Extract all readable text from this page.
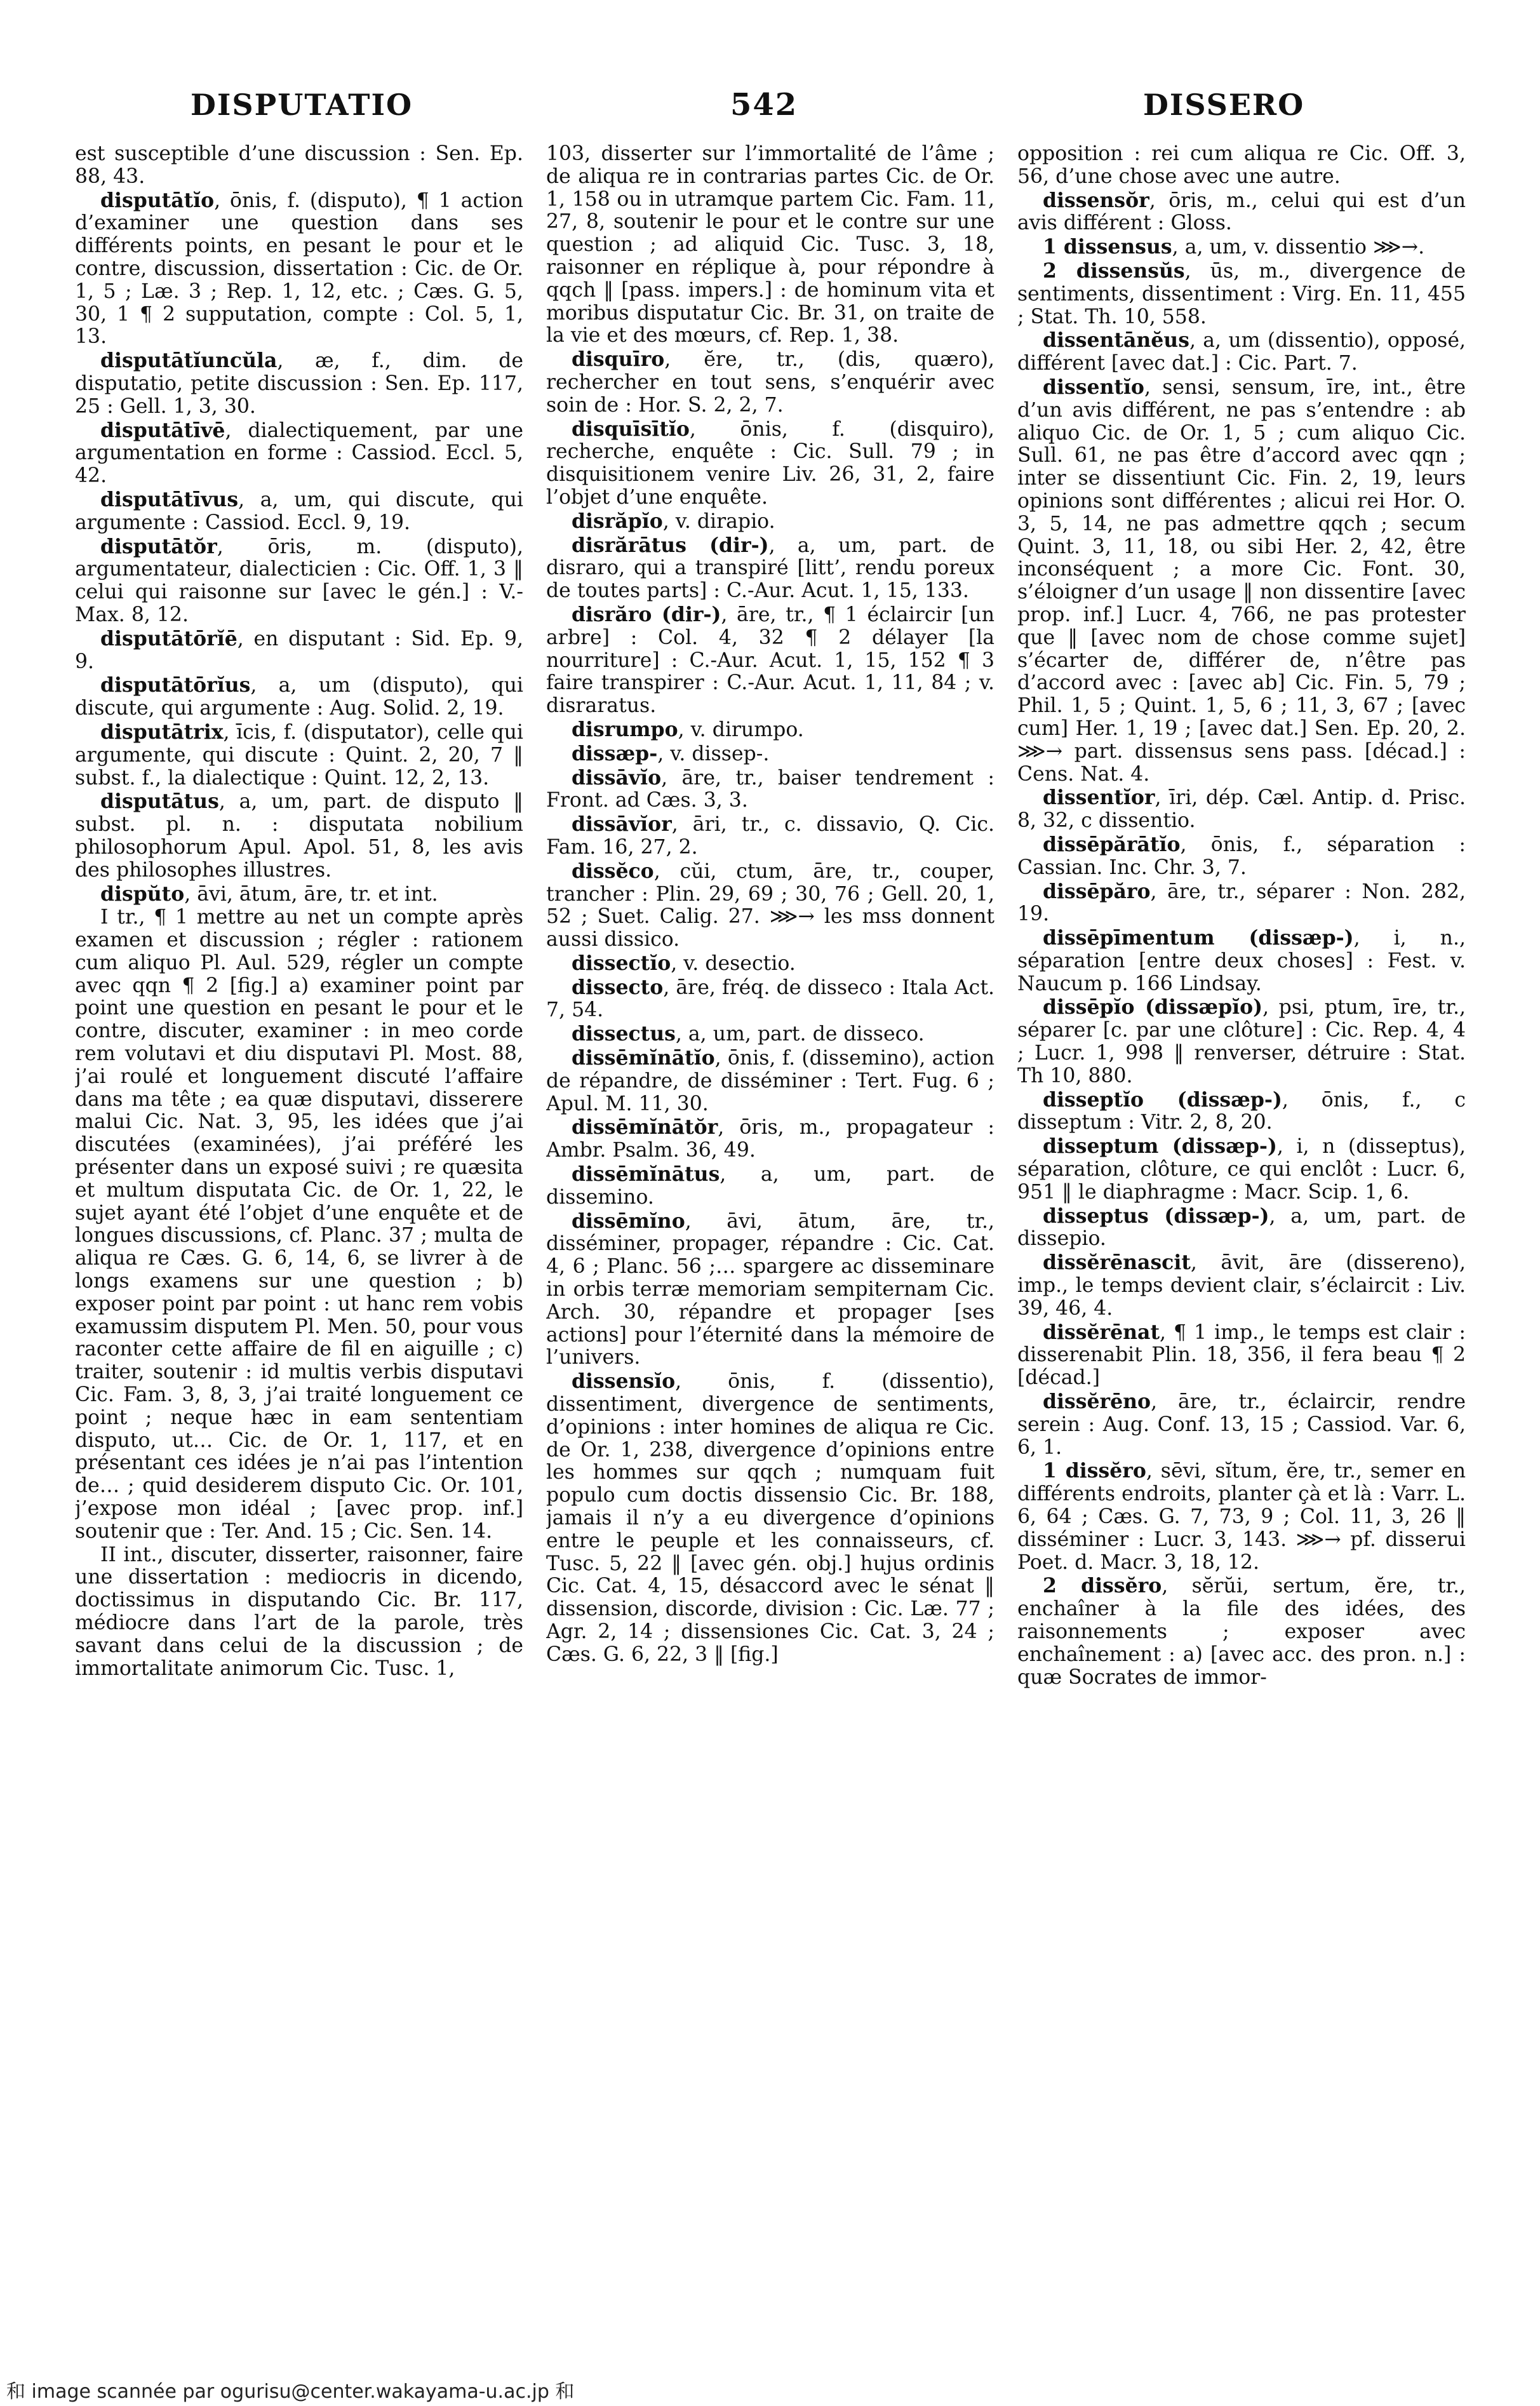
DISPUTATIO	542	DISSERO

est susceptible d’une discussion : Sen. Ep. 88, 43.

disputātĭo, ōnis, f. (disputo), ¶ 1 action d’examiner une question dans ses différents points, en pesant le pour et le contre, discussion, dissertation : Cic. de Or. 1, 5 ; Læ. 3 ; Rep. 1, 12, etc. ; Cæs. G. 5, 30, 1 ¶ 2 supputation, compte : Col. 5, 1, 13.

disputātĭuncŭla, æ, f., dim. de disputatio, petite discussion : Sen. Ep. 117, 25 : Gell. 1, 3, 30.

disputātīvē, dialectiquement, par une argumentation en forme : Cassiod. Eccl. 5, 42.

disputātīvus, a, um, qui discute, qui argumente : Cassiod. Eccl. 9, 19.

disputātŏr, ōris, m. (disputo), argumentateur, dialecticien : Cic. Off. 1, 3 ‖ celui qui raisonne sur [avec le gén.] : V.-Max. 8, 12.

disputātōrĭē, en disputant : Sid. Ep. 9, 9.

disputātōrĭus, a, um (disputo), qui discute, qui argumente : Aug. Solid. 2, 19.

disputātrix, īcis, f. (disputator), celle qui argumente, qui discute : Quint. 2, 20, 7 ‖ subst. f., la dialectique : Quint. 12, 2, 13.

disputātus, a, um, part. de disputo ‖ subst. pl. n. : disputata nobilium philosophorum Apul. Apol. 51, 8, les avis des philosophes illustres.

dispŭto, āvi, ātum, āre, tr. et int.

I tr., ¶ 1 mettre au net un compte après examen et discussion ; régler : rationem cum aliquo Pl. Aul. 529, régler un compte avec qqn ¶ 2 [fig.] a) examiner point par point une question en pesant le pour et le contre, discuter, examiner : in meo corde rem volutavi et diu disputavi Pl. Most. 88, j’ai roulé et longuement discuté l’affaire dans ma tête ; ea quæ disputavi, disserere malui Cic. Nat. 3, 95, les idées que j’ai discutées (examinées), j’ai préféré les présenter dans un exposé suivi ; re quæsita et multum disputata Cic. de Or. 1, 22, le sujet ayant été l’objet d’une enquête et de longues discussions, cf. Planc. 37 ; multa de aliqua re Cæs. G. 6, 14, 6, se livrer à de longs examens sur une question ; b) exposer point par point : ut hanc rem vobis examussim disputem Pl. Men. 50, pour vous raconter cette affaire de fil en aiguille ; c) traiter, soutenir : id multis verbis disputavi Cic. Fam. 3, 8, 3, j’ai traité longuement ce point ; neque hæc in eam sententiam disputo, ut… Cic. de Or. 1, 117, et en présentant ces idées je n’ai pas l’intention de… ; quid desiderem disputo Cic. Or. 101, j’expose mon idéal ; [avec prop. inf.] soutenir que : Ter. And. 15 ; Cic. Sen. 14.

II int., discuter, disserter, raisonner, faire une dissertation : mediocris in dicendo, doctissimus in disputando Cic. Br. 117, médiocre dans l’art de la parole, très savant dans celui de la discussion ; de immortalitate animorum Cic. Tusc. 1,

103, disserter sur l’immortalité de l’âme ; de aliqua re in contrarias partes Cic. de Or. 1, 158 ou in utramque partem Cic. Fam. 11, 27, 8, soutenir le pour et le contre sur une question ; ad aliquid Cic. Tusc. 3, 18, raisonner en réplique à, pour répondre à qqch ‖ [pass. impers.] : de hominum vita et moribus disputatur Cic. Br. 31, on traite de la vie et des mœurs, cf. Rep. 1, 38.

disquīro, ĕre, tr., (dis, quæro), rechercher en tout sens, s’enquérir avec soin de : Hor. S. 2, 2, 7.

disquīsītĭo, ōnis, f. (disquiro), recherche, enquête : Cic. Sull. 79 ; in disquisitionem venire Liv. 26, 31, 2, faire l’objet d’une enquête.

disrăpĭo, v. dirapio.

disrărātus (dir-), a, um, part. de disraro, qui a transpiré [litt’, rendu poreux de toutes parts] : C.-Aur. Acut. 1, 15, 133.

disrăro (dir-), āre, tr., ¶ 1 éclaircir [un arbre] : Col. 4, 32 ¶ 2 délayer [la nourriture] : C.-Aur. Acut. 1, 15, 152 ¶ 3 faire transpirer : C.-Aur. Acut. 1, 11, 84 ; v. disraratus.

disrumpo, v. dirumpo.

dissæp-, v. dissep-.

dissāvĭo, āre, tr., baiser tendrement : Front. ad Cæs. 3, 3.

dissāvĭor, āri, tr., c. dissavio, Q. Cic. Fam. 16, 27, 2.

dissĕco, cŭi, ctum, āre, tr., couper, trancher : Plin. 29, 69 ; 30, 76 ; Gell. 20, 1, 52 ; Suet. Calig. 27. ⋙→ les mss donnent aussi dissico.

dissectĭo, v. desectio.

dissecto, āre, fréq. de disseco : Itala Act. 7, 54.

dissectus, a, um, part. de disseco.

dissēmĭnātĭo, ōnis, f. (dissemino), action de répandre, de disséminer : Tert. Fug. 6 ; Apul. M. 11, 30.

dissēmĭnātŏr, ōris, m., propagateur : Ambr. Psalm. 36, 49.

dissēmĭnātus, a, um, part. de dissemino.

dissēmĭno, āvi, ātum, āre, tr., disséminer, propager, répandre : Cic. Cat. 4, 6 ; Planc. 56 ;… spargere ac disseminare in orbis terræ memoriam sempiternam Cic. Arch. 30, répandre et propager [ses actions] pour l’éternité dans la mémoire de l’univers.

dissensĭo, ōnis, f. (dissentio), dissentiment, divergence de sentiments, d’opinions : inter homines de aliqua re Cic. de Or. 1, 238, divergence d’opinions entre les hommes sur qqch ; numquam fuit populo cum doctis dissensio Cic. Br. 188, jamais il n’y a eu divergence d’opinions entre le peuple et les connaisseurs, cf. Tusc. 5, 22 ‖ [avec gén. obj.] hujus ordinis Cic. Cat. 4, 15, désaccord avec le sénat ‖ dissension, discorde, division : Cic. Læ. 77 ; Agr. 2, 14 ; dissensiones Cic. Cat. 3, 24 ; Cæs. G. 6, 22, 3 ‖ [fig.]

opposition : rei cum aliqua re Cic. Off. 3, 56, d’une chose avec une autre.

dissensŏr, ōris, m., celui qui est d’un avis différent : Gloss.

1 dissensus, a, um, v. dissentio ⋙→.

2 dissensŭs, ūs, m., divergence de sentiments, dissentiment : Virg. En. 11, 455 ; Stat. Th. 10, 558.

dissentānĕus, a, um (dissentio), opposé, différent [avec dat.] : Cic. Part. 7.

dissentĭo, sensi, sensum, īre, int., être d’un avis différent, ne pas s’entendre : ab aliquo Cic. de Or. 1, 5 ; cum aliquo Cic. Sull. 61, ne pas être d’accord avec qqn ; inter se dissentiunt Cic. Fin. 2, 19, leurs opinions sont différentes ; alicui rei Hor. O. 3, 5, 14, ne pas admettre qqch ; secum Quint. 3, 11, 18, ou sibi Her. 2, 42, être inconséquent ; a more Cic. Font. 30, s’éloigner d’un usage ‖ non dissentire [avec prop. inf.] Lucr. 4, 766, ne pas protester que ‖ [avec nom de chose comme sujet] s’écarter de, différer de, n’être pas d’accord avec : [avec ab] Cic. Fin. 5, 79 ; Phil. 1, 5 ; Quint. 1, 5, 6 ; 11, 3, 67 ; [avec cum] Her. 1, 19 ; [avec dat.] Sen. Ep. 20, 2. ⋙→ part. dissensus sens pass. [décad.] : Cens. Nat. 4.

dissentĭor, īri, dép. Cæl. Antip. d. Prisc. 8, 32, c dissentio.

dissēpărātĭo, ōnis, f., séparation : Cassian. Inc. Chr. 3, 7.

dissēpăro, āre, tr., séparer : Non. 282, 19.

dissēpīmentum (dissæp-), i, n., séparation [entre deux choses] : Fest. v. Naucum p. 166 Lindsay.

dissēpĭo (dissæpĭo), psi, ptum, īre, tr., séparer [c. par une clôture] : Cic. Rep. 4, 4 ; Lucr. 1, 998 ‖ renverser, détruire : Stat. Th 10, 880.

disseptĭo (dissæp-), ōnis, f., c disseptum : Vitr. 2, 8, 20.

disseptum (dissæp-), i, n (disseptus), séparation, clôture, ce qui enclôt : Lucr. 6, 951 ‖ le diaphragme : Macr. Scip. 1, 6.

disseptus (dissæp-), a, um, part. de dissepio.

dissĕrēnascit, āvit, āre (dissereno), imp., le temps devient clair, s’éclaircit : Liv. 39, 46, 4.

dissĕrēnat, ¶ 1 imp., le temps est clair : disserenabit Plin. 18, 356, il fera beau ¶ 2 [décad.]

dissĕrēno, āre, tr., éclaircir, rendre serein : Aug. Conf. 13, 15 ; Cassiod. Var. 6, 6, 1.

1 dissĕro, sēvi, sĭtum, ĕre, tr., semer en différents endroits, planter çà et là : Varr. L. 6, 64 ; Cæs. G. 7, 73, 9 ; Col. 11, 3, 26 ‖ disséminer : Lucr. 3, 143. ⋙→ pf. disserui Poet. d. Macr. 3, 18, 12.

2 dissĕro, sĕrŭi, sertum, ĕre, tr., enchaîner à la file des idées, des raisonnements ; exposer avec enchaînement : a) [avec acc. des pron. n.] : quæ Socrates de immor-

和 image scannée par ogurisu@center.wakayama-u.ac.jp 和
